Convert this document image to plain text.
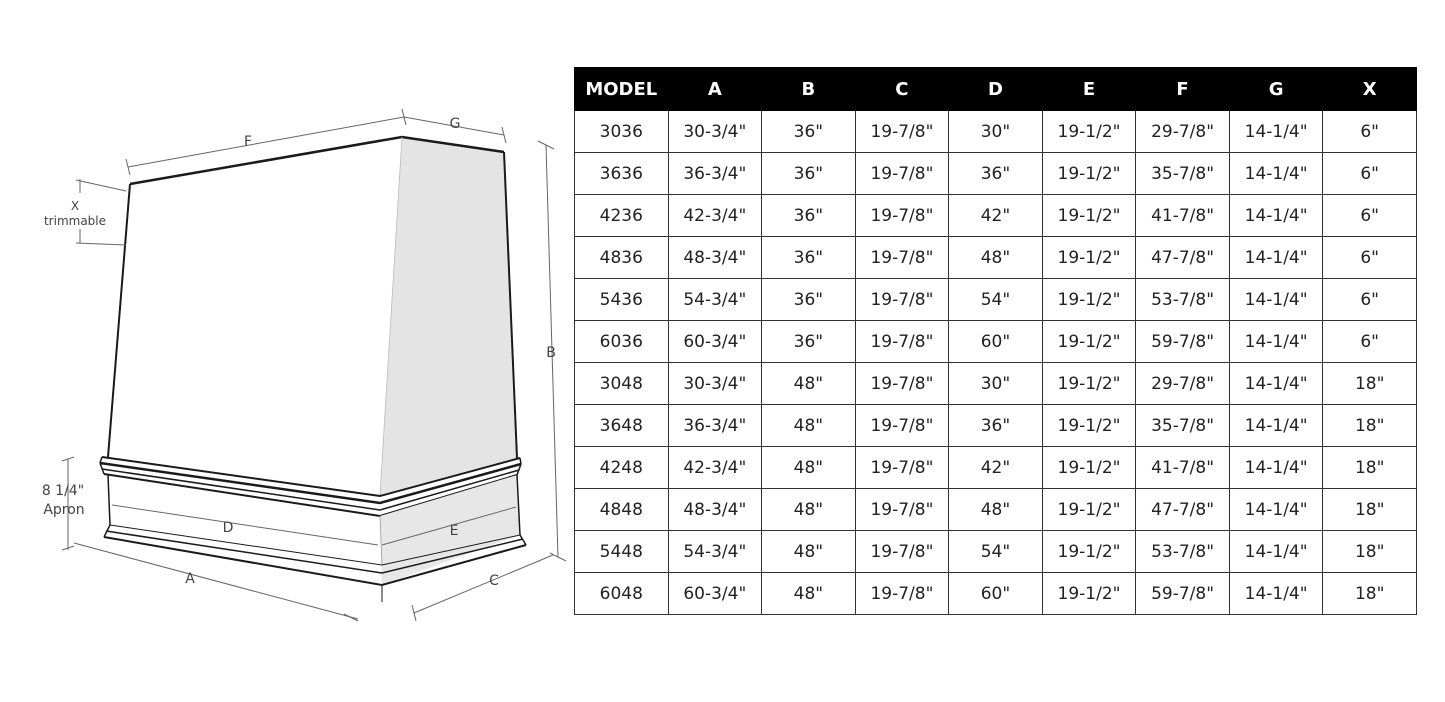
F
G
X
trimmable
B
8 1/4"
Apron
D	E
A	C
MODEL	A	B	C	D	E	F	G	X
3036	30-3/4"	36"	19-7/8"	30"	19-1/2"	29-7/8"	14-1/4"	6"
3636	36-3/4"	36"	19-7/8"	36"	19-1/2"	35-7/8"	14-1/4"	6"
4236	42-3/4"	36"	19-7/8"	42"	19-1/2"	41-7/8"	14-1/4"	6"
4836	48-3/4"	36"	19-7/8"	48"	19-1/2"	47-7/8"	14-1/4"	6"
5436	54-3/4"	36"	19-7/8"	54"	19-1/2"	53-7/8"	14-1/4"	6"
6036	60-3/4"	36"	19-7/8"	60"	19-1/2"	59-7/8"	14-1/4"	6"
3048	30-3/4"	48"	19-7/8"	30"	19-1/2"	29-7/8"	14-1/4"	18"
3648	36-3/4"	48"	19-7/8"	36"	19-1/2"	35-7/8"	14-1/4"	18"
4248	42-3/4"	48"	19-7/8"	42"	19-1/2"	41-7/8"	14-1/4"	18"
4848	48-3/4"	48"	19-7/8"	48"	19-1/2"	47-7/8"	14-1/4"	18"
5448	54-3/4"	48"	19-7/8"	54"	19-1/2"	53-7/8"	14-1/4"	18"
6048	60-3/4"	48"	19-7/8"	60"	19-1/2"	59-7/8"	14-1/4"	18"
